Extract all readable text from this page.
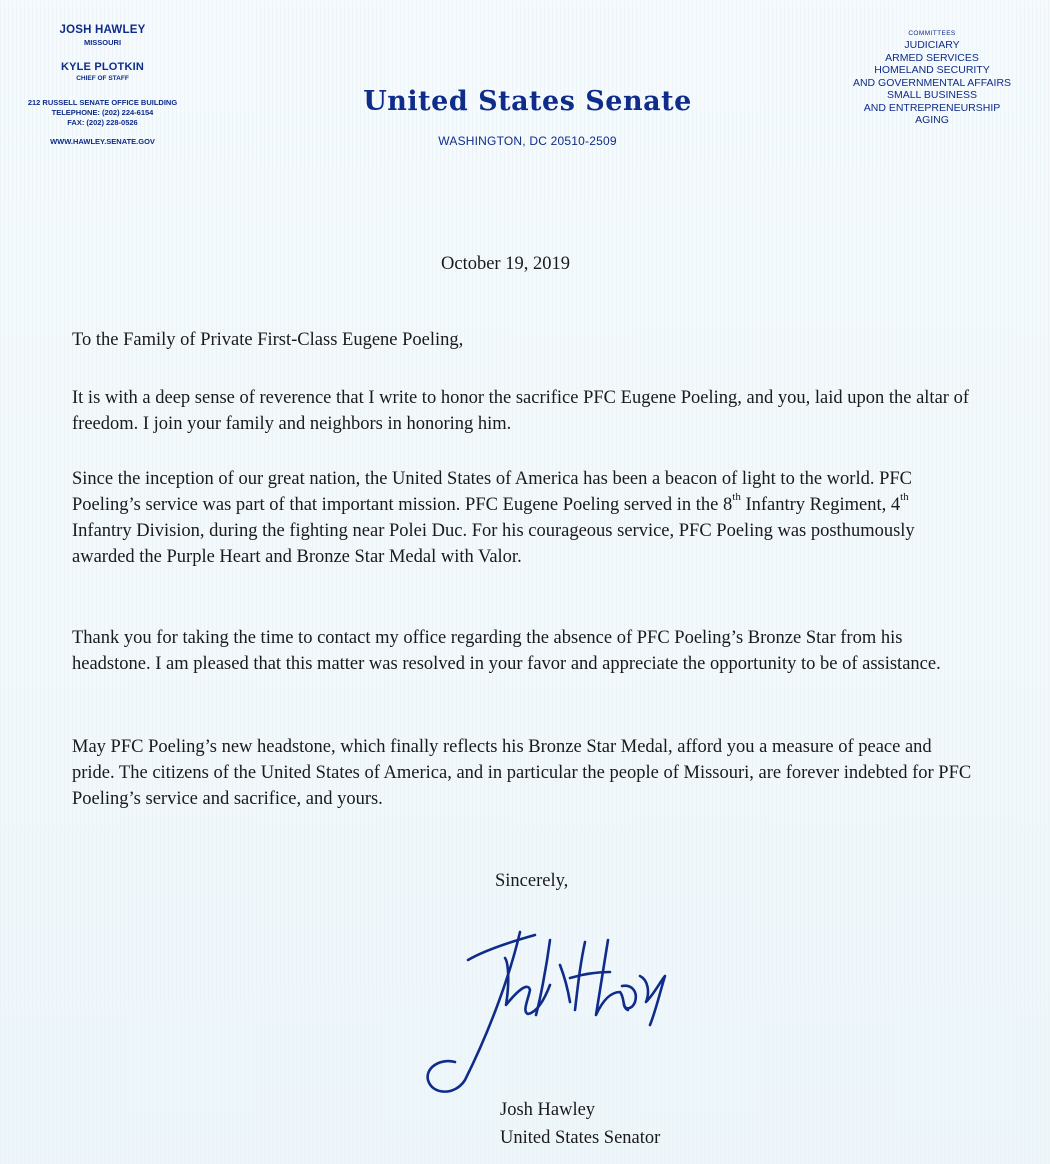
JOSH HAWLEY
MISSOURI
KYLE PLOTKIN
CHIEF OF STAFF
212 RUSSELL SENATE OFFICE BUILDING
TELEPHONE: (202) 224-6154
FAX: (202) 228-0526
WWW.HAWLEY.SENATE.GOV
United States Senate
WASHINGTON, DC 20510-2509
COMMITTEES
JUDICIARY
ARMED SERVICES
HOMELAND SECURITY
AND GOVERNMENTAL AFFAIRS
SMALL BUSINESS
AND ENTREPRENEURSHIP
AGING
October 19, 2019
To the Family of Private First-Class Eugene Poeling,
It is with a deep sense of reverence that I write to honor the sacrifice PFC Eugene Poeling, and you, laid upon the altar of freedom. I join your family and neighbors in honoring him.
Since the inception of our great nation, the United States of America has been a beacon of light to the world. PFC Poeling’s service was part of that important mission. PFC Eugene Poeling served in the 8th Infantry Regiment, 4th Infantry Division, during the fighting near Polei Duc. For his courageous service, PFC Poeling was posthumously awarded the Purple Heart and Bronze Star Medal with Valor.
Thank you for taking the time to contact my office regarding the absence of PFC Poeling’s Bronze Star from his headstone. I am pleased that this matter was resolved in your favor and appreciate the opportunity to be of assistance.
May PFC Poeling’s new headstone, which finally reflects his Bronze Star Medal, afford you a measure of peace and pride. The citizens of the United States of America, and in particular the people of Missouri, are forever indebted for PFC Poeling’s service and sacrifice, and yours.
Sincerely,
Josh Hawley
United States Senator
